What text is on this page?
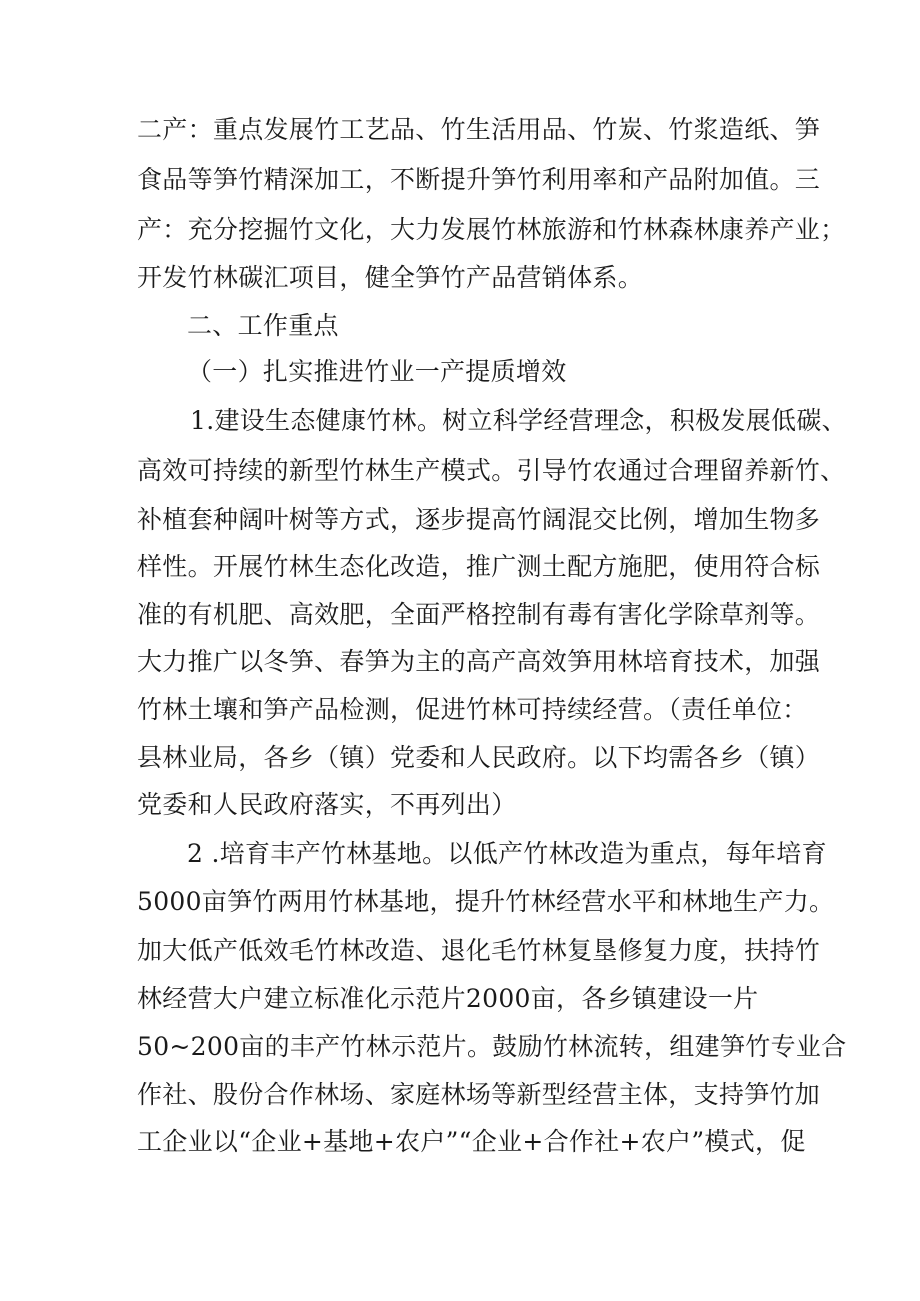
二产：重点发展竹工艺品、竹生活用品、竹炭、竹浆造纸、笋
食品等笋竹精深加工，不断提升笋竹利用率和产品附加值。三
产：充分挖掘竹文化，大力发展竹林旅游和竹林森林康养产业；
开发竹林碳汇项目，健全笋竹产品营销体系。
二、工作重点
（一）扎实推进竹业一产提质增效
1.建设生态健康竹林。树立科学经营理念，积极发展低碳、
高效可持续的新型竹林生产模式。引导竹农通过合理留养新竹、
补植套种阔叶树等方式，逐步提高竹阔混交比例，增加生物多
样性。开展竹林生态化改造，推广测土配方施肥，使用符合标
准的有机肥、高效肥，全面严格控制有毒有害化学除草剂等。
大力推广以冬笋、春笋为主的高产高效笋用林培育技术，加强
竹林土壤和笋产品检测，促进竹林可持续经营。（责任单位：
县林业局，各乡（镇）党委和人民政府。以下均需各乡（镇）
党委和人民政府落实，不再列出）
2 .培育丰产竹林基地。以低产竹林改造为重点，每年培育
5000亩笋竹两用竹林基地，提升竹林经营水平和林地生产力。
加大低产低效毛竹林改造、退化毛竹林复垦修复力度，扶持竹
林经营大户建立标准化示范片2000亩，各乡镇建设一片
50~200亩的丰产竹林示范片。鼓励竹林流转，组建笋竹专业合
作社、股份合作林场、家庭林场等新型经营主体，支持笋竹加
工企业以“企业+基地+农户”“企业+合作社+农户”模式，促
